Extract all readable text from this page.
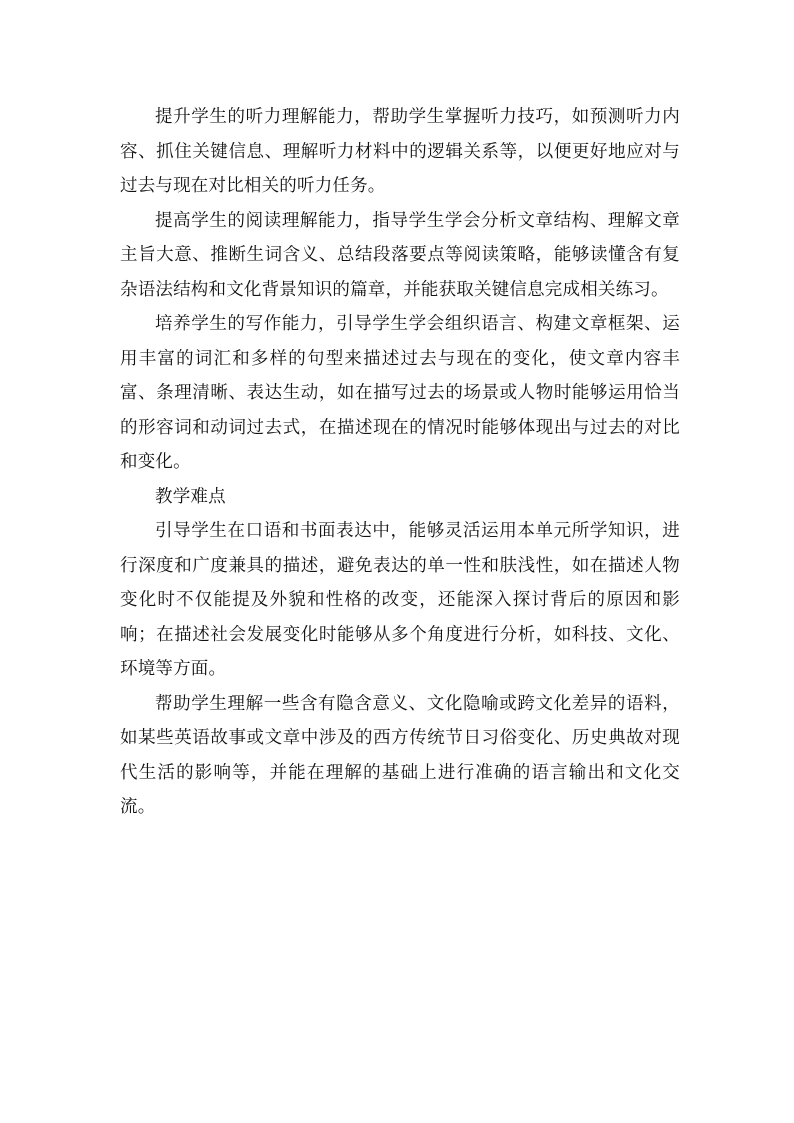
提升学生的听力理解能力，帮助学生掌握听力技巧，如预测听力内容、抓住关键信息、理解听力材料中的逻辑关系等，以便更好地应对与过去与现在对比相关的听力任务。

提高学生的阅读理解能力，指导学生学会分析文章结构、理解文章主旨大意、推断生词含义、总结段落要点等阅读策略，能够读懂含有复杂语法结构和文化背景知识的篇章，并能获取关键信息完成相关练习。

培养学生的写作能力，引导学生学会组织语言、构建文章框架、运用丰富的词汇和多样的句型来描述过去与现在的变化，使文章内容丰富、条理清晰、表达生动，如在描写过去的场景或人物时能够运用恰当的形容词和动词过去式，在描述现在的情况时能够体现出与过去的对比和变化。

教学难点

引导学生在口语和书面表达中，能够灵活运用本单元所学知识，进行深度和广度兼具的描述，避免表达的单一性和肤浅性，如在描述人物变化时不仅能提及外貌和性格的改变，还能深入探讨背后的原因和影响；在描述社会发展变化时能够从多个角度进行分析，如科技、文化、环境等方面。

帮助学生理解一些含有隐含意义、文化隐喻或跨文化差异的语料，如某些英语故事或文章中涉及的西方传统节日习俗变化、历史典故对现代生活的影响等，并能在理解的基础上进行准确的语言输出和文化交流。
